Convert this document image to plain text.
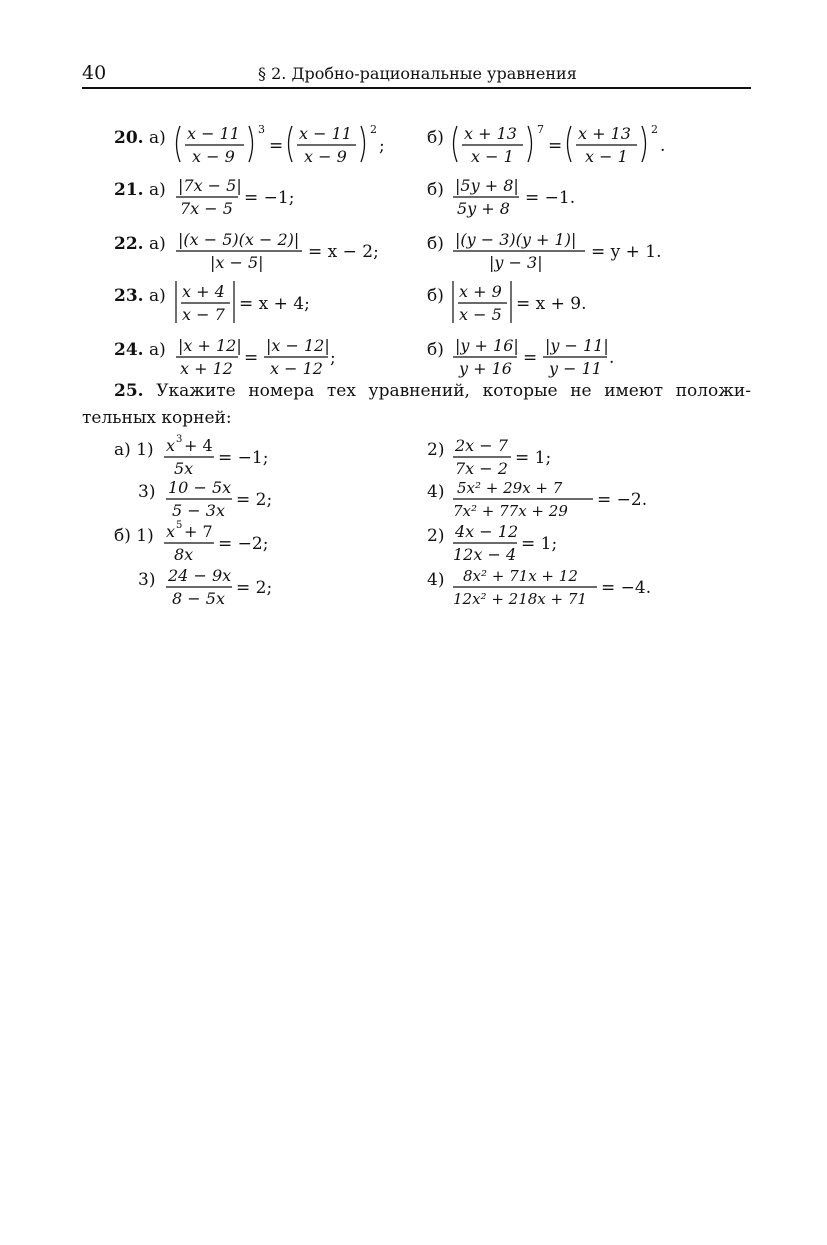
40	§ 2. Дробно-рациональные уравнения
20. а) x − 11
x − 9
3
=
x − 11
x − 9
2
; б) x + 13
x − 1
7
=
x + 13
x − 1
2
.
21. а) |7x − 5|
7x − 5
= −1;	б) |5y + 8|
5y + 8
= −1.
22. а) |(x − 5)(x − 2)|
|x − 5|
= x − 2;	б) |(y − 3)(y + 1)|
|y − 3|
= y + 1.
23. а) x + 4
x − 7
= x + 4;	б) x + 9
x − 5
= x + 9.
24. а) |x + 12|
x + 12
=
|x − 12|
x − 12
;	б) |y + 16|
y + 16
=
|y − 11|
y − 11
.
25. Укажите номера тех уравнений, которые не имеют положи-тельных корней:
а) 1) x 3 + 4
5x
= −1;	2) 2x − 7
7x − 2
= 1;
3) 10 − 5x
5 − 3x
= 2;	4) 5x² + 29x + 7
7x² + 77x + 29
= −2.
б) 1) x 5 + 7
8x
= −2;	2) 4x − 12
12x − 4
= 1;
3) 24 − 9x
8 − 5x
= 2;	4) 8x² + 71x + 12
12x² + 218x + 71
= −4.
